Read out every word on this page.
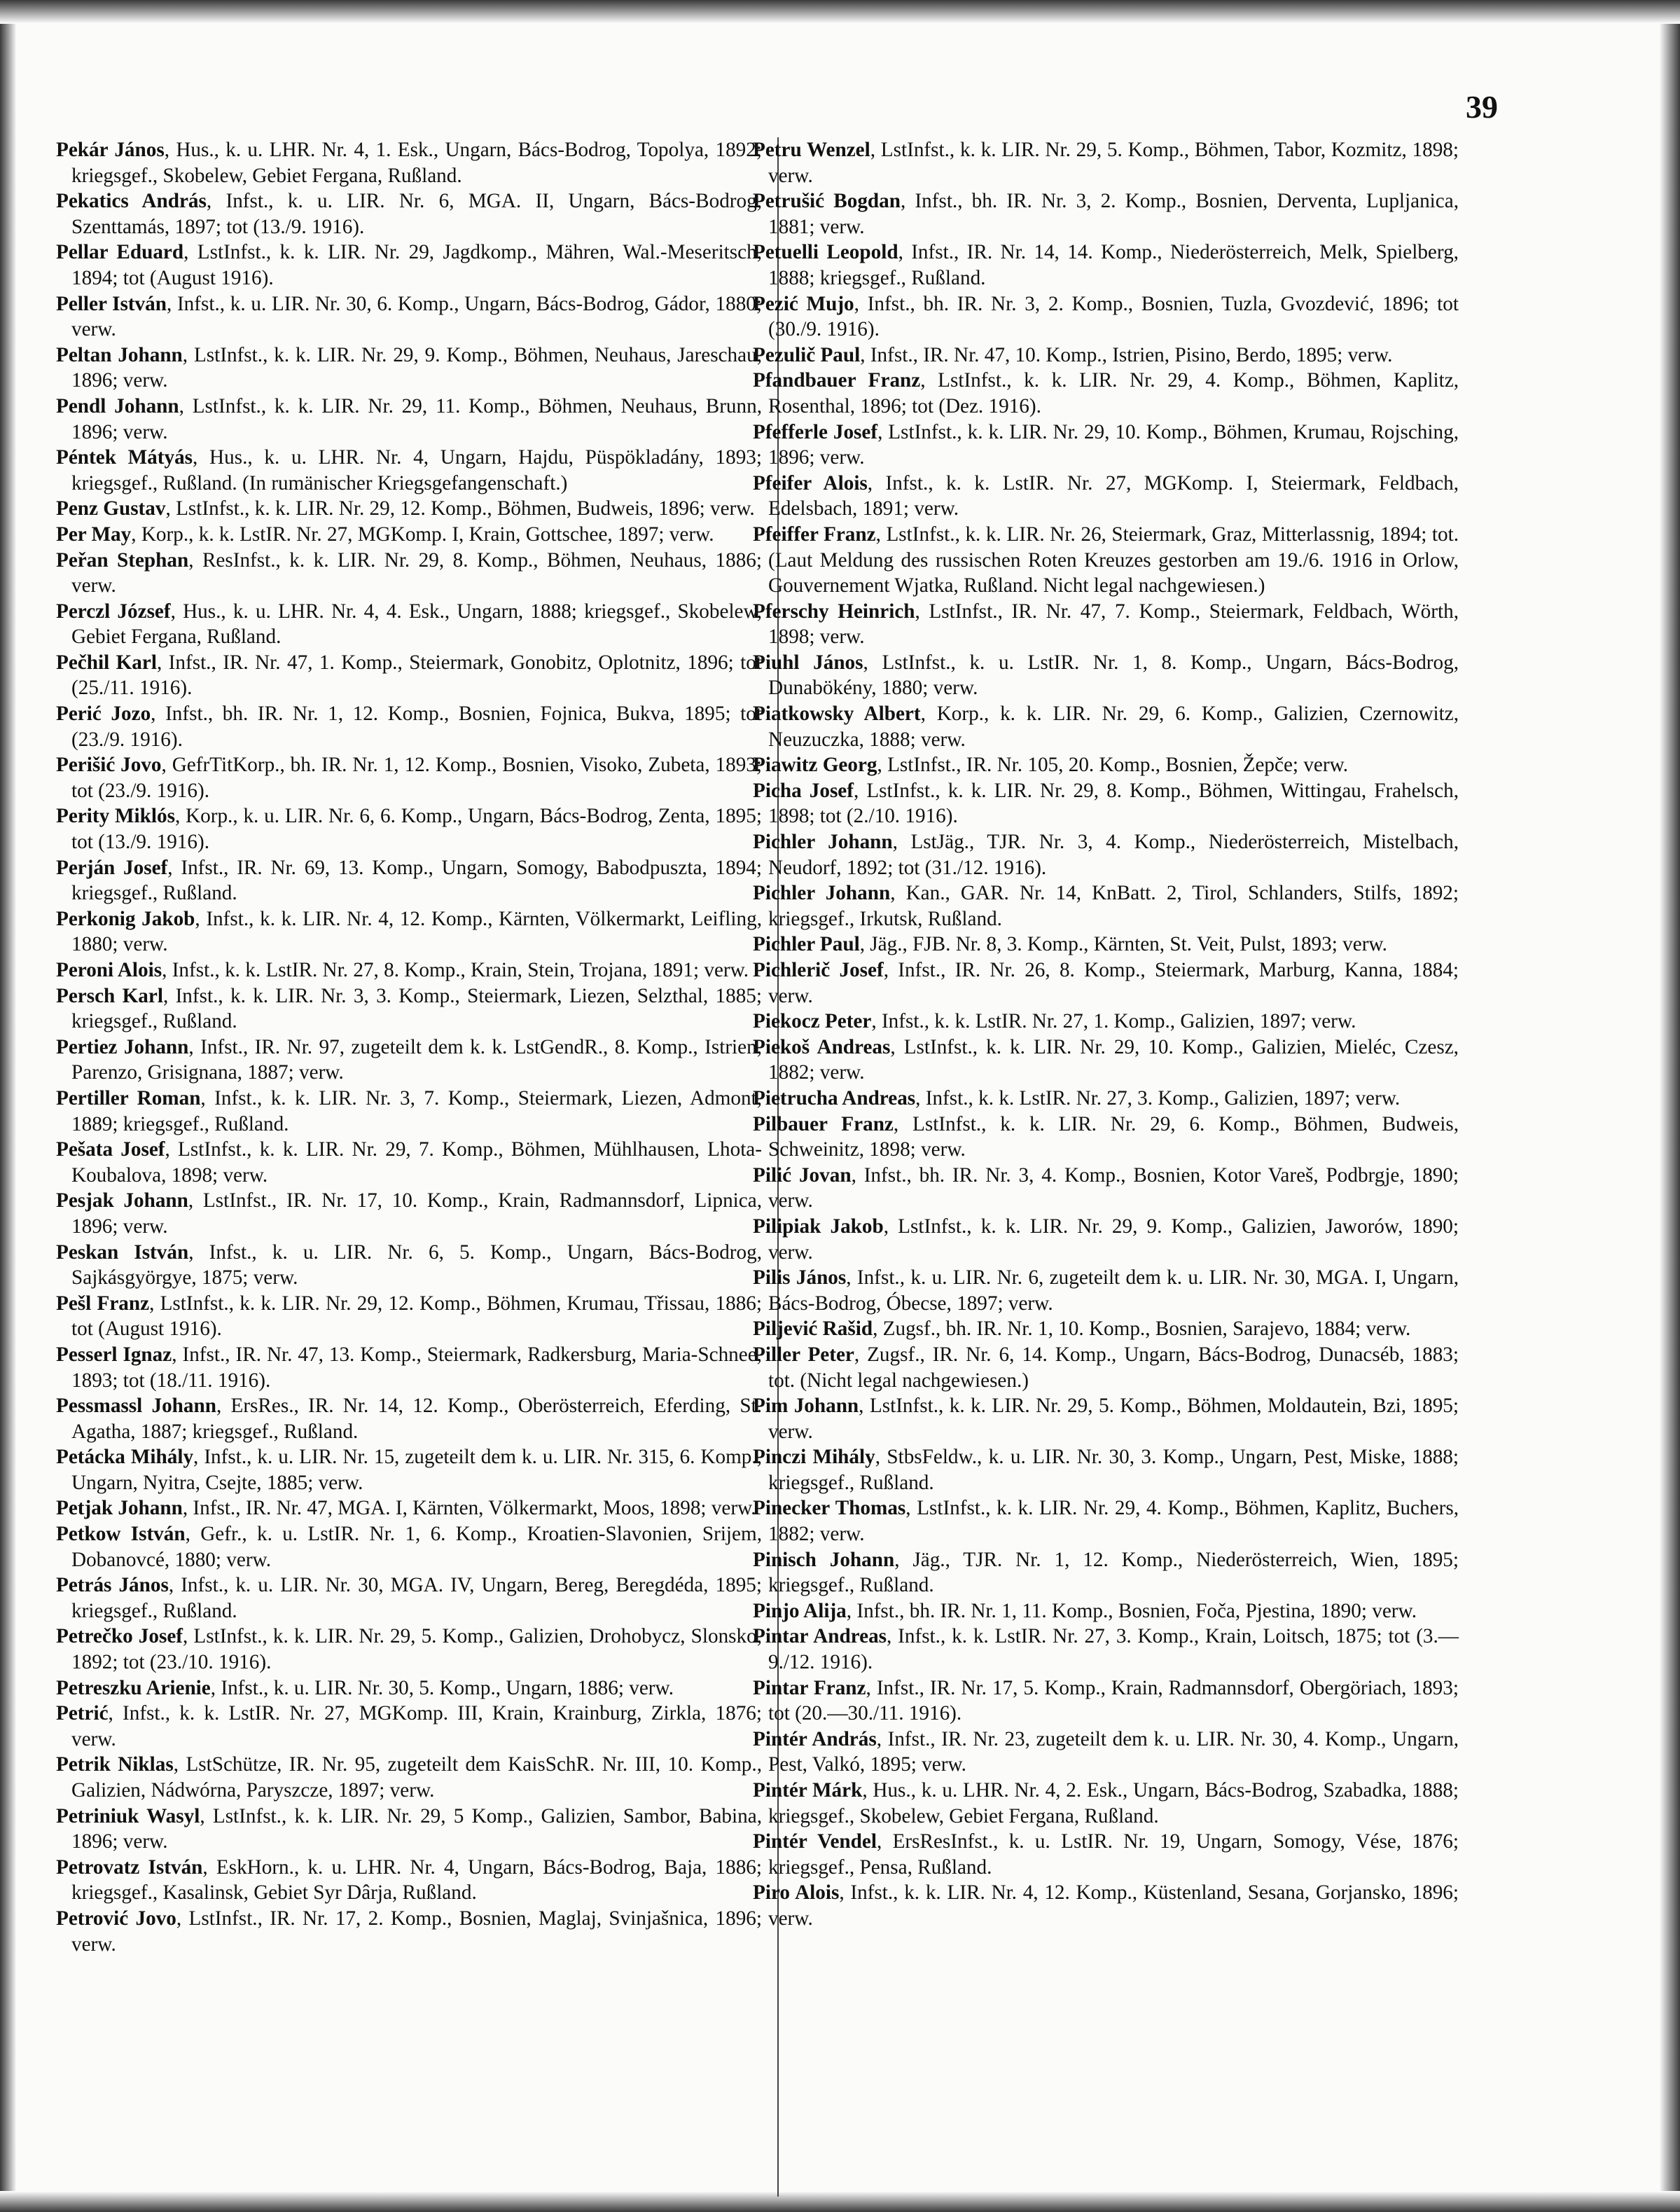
39
Pekár János, Hus., k. u. LHR. Nr. 4, 1. Esk., Ungarn, Bács-Bodrog, Topolya, 1892; kriegsgef., Skobelew, Gebiet Fergana, Rußland.
Pekatics András, Infst., k. u. LIR. Nr. 6, MGA. II, Ungarn, Bács-Bodrog, Szenttamás, 1897; tot (13./9. 1916).
Pellar Eduard, LstInfst., k. k. LIR. Nr. 29, Jagdkomp., Mähren, Wal.-Meseritsch, 1894; tot (August 1916).
Peller István, Infst., k. u. LIR. Nr. 30, 6. Komp., Ungarn, Bács-Bodrog, Gádor, 1880; verw.
Peltan Johann, LstInfst., k. k. LIR. Nr. 29, 9. Komp., Böhmen, Neuhaus, Jareschau, 1896; verw.
Pendl Johann, LstInfst., k. k. LIR. Nr. 29, 11. Komp., Böhmen, Neuhaus, Brunn, 1896; verw.
Péntek Mátyás, Hus., k. u. LHR. Nr. 4, Ungarn, Hajdu, Püspökladány, 1893; kriegsgef., Rußland. (In rumänischer Kriegsgefangenschaft.)
Penz Gustav, LstInfst., k. k. LIR. Nr. 29, 12. Komp., Böhmen, Budweis, 1896; verw.
Per May, Korp., k. k. LstIR. Nr. 27, MGKomp. I, Krain, Gottschee, 1897; verw.
Peřan Stephan, ResInfst., k. k. LIR. Nr. 29, 8. Komp., Böhmen, Neuhaus, 1886; verw.
Perczl József, Hus., k. u. LHR. Nr. 4, 4. Esk., Ungarn, 1888; kriegsgef., Skobelew, Gebiet Fergana, Rußland.
Pečhil Karl, Infst., IR. Nr. 47, 1. Komp., Steiermark, Gonobitz, Oplotnitz, 1896; tot (25./11. 1916).
Perić Jozo, Infst., bh. IR. Nr. 1, 12. Komp., Bosnien, Fojnica, Bukva, 1895; tot (23./9. 1916).
Perišić Jovo, GefrTitKorp., bh. IR. Nr. 1, 12. Komp., Bosnien, Visoko, Zubeta, 1893; tot (23./9. 1916).
Perity Miklós, Korp., k. u. LIR. Nr. 6, 6. Komp., Ungarn, Bács-Bodrog, Zenta, 1895; tot (13./9. 1916).
Perján Josef, Infst., IR. Nr. 69, 13. Komp., Ungarn, Somogy, Babodpuszta, 1894; kriegsgef., Rußland.
Perkonig Jakob, Infst., k. k. LIR. Nr. 4, 12. Komp., Kärnten, Völkermarkt, Leifling, 1880; verw.
Peroni Alois, Infst., k. k. LstIR. Nr. 27, 8. Komp., Krain, Stein, Trojana, 1891; verw.
Persch Karl, Infst., k. k. LIR. Nr. 3, 3. Komp., Steiermark, Liezen, Selzthal, 1885; kriegsgef., Rußland.
Pertiez Johann, Infst., IR. Nr. 97, zugeteilt dem k. k. LstGendR., 8. Komp., Istrien, Parenzo, Grisignana, 1887; verw.
Pertiller Roman, Infst., k. k. LIR. Nr. 3, 7. Komp., Steiermark, Liezen, Admont, 1889; kriegsgef., Rußland.
Pešata Josef, LstInfst., k. k. LIR. Nr. 29, 7. Komp., Böhmen, Mühlhausen, Lhota-Koubalova, 1898; verw.
Pesjak Johann, LstInfst., IR. Nr. 17, 10. Komp., Krain, Radmannsdorf, Lipnica, 1896; verw.
Peskan István, Infst., k. u. LIR. Nr. 6, 5. Komp., Ungarn, Bács-Bodrog, Sajkásgyörgye, 1875; verw.
Pešl Franz, LstInfst., k. k. LIR. Nr. 29, 12. Komp., Böhmen, Krumau, Třissau, 1886; tot (August 1916).
Pesserl Ignaz, Infst., IR. Nr. 47, 13. Komp., Steiermark, Radkersburg, Maria-Schnee, 1893; tot (18./11. 1916).
Pessmassl Johann, ErsRes., IR. Nr. 14, 12. Komp., Oberösterreich, Eferding, St. Agatha, 1887; kriegsgef., Rußland.
Petácka Mihály, Infst., k. u. LIR. Nr. 15, zugeteilt dem k. u. LIR. Nr. 315, 6. Komp., Ungarn, Nyitra, Csejte, 1885; verw.
Petjak Johann, Infst., IR. Nr. 47, MGA. I, Kärnten, Völkermarkt, Moos, 1898; verw.
Petkow István, Gefr., k. u. LstIR. Nr. 1, 6. Komp., Kroatien-Slavonien, Srijem, Dobanovcé, 1880; verw.
Petrás János, Infst., k. u. LIR. Nr. 30, MGA. IV, Ungarn, Bereg, Beregdéda, 1895; kriegsgef., Rußland.
Petrečko Josef, LstInfst., k. k. LIR. Nr. 29, 5. Komp., Galizien, Drohobycz, Slonsko, 1892; tot (23./10. 1916).
Petreszku Arienie, Infst., k. u. LIR. Nr. 30, 5. Komp., Ungarn, 1886; verw.
Petrić, Infst., k. k. LstIR. Nr. 27, MGKomp. III, Krain, Krainburg, Zirkla, 1876; verw.
Petrik Niklas, LstSchütze, IR. Nr. 95, zugeteilt dem KaisSchR. Nr. III, 10. Komp., Galizien, Nádwórna, Paryszcze, 1897; verw.
Petriniuk Wasyl, LstInfst., k. k. LIR. Nr. 29, 5 Komp., Galizien, Sambor, Babina, 1896; verw.
Petrovatz István, EskHorn., k. u. LHR. Nr. 4, Ungarn, Bács-Bodrog, Baja, 1886; kriegsgef., Kasalinsk, Gebiet Syr Dârja, Rußland.
Petrović Jovo, LstInfst., IR. Nr. 17, 2. Komp., Bosnien, Maglaj, Svinjašnica, 1896; verw.
Petru Wenzel, LstInfst., k. k. LIR. Nr. 29, 5. Komp., Böhmen, Tabor, Kozmitz, 1898; verw.
Petrušić Bogdan, Infst., bh. IR. Nr. 3, 2. Komp., Bosnien, Derventa, Lupljanica, 1881; verw.
Petuelli Leopold, Infst., IR. Nr. 14, 14. Komp., Niederösterreich, Melk, Spielberg, 1888; kriegsgef., Rußland.
Pezić Mujo, Infst., bh. IR. Nr. 3, 2. Komp., Bosnien, Tuzla, Gvozdević, 1896; tot (30./9. 1916).
Pezulič Paul, Infst., IR. Nr. 47, 10. Komp., Istrien, Pisino, Berdo, 1895; verw.
Pfandbauer Franz, LstInfst., k. k. LIR. Nr. 29, 4. Komp., Böhmen, Kaplitz, Rosenthal, 1896; tot (Dez. 1916).
Pfefferle Josef, LstInfst., k. k. LIR. Nr. 29, 10. Komp., Böhmen, Krumau, Rojsching, 1896; verw.
Pfeifer Alois, Infst., k. k. LstIR. Nr. 27, MGKomp. I, Steiermark, Feldbach, Edelsbach, 1891; verw.
Pfeiffer Franz, LstInfst., k. k. LIR. Nr. 26, Steiermark, Graz, Mitterlassnig, 1894; tot. (Laut Meldung des russischen Roten Kreuzes gestorben am 19./6. 1916 in Orlow, Gouvernement Wjatka, Rußland. Nicht legal nachgewiesen.)
Pferschy Heinrich, LstInfst., IR. Nr. 47, 7. Komp., Steiermark, Feldbach, Wörth, 1898; verw.
Piuhl János, LstInfst., k. u. LstIR. Nr. 1, 8. Komp., Ungarn, Bács-Bodrog, Dunabökény, 1880; verw.
Piatkowsky Albert, Korp., k. k. LIR. Nr. 29, 6. Komp., Galizien, Czernowitz, Neuzuczka, 1888; verw.
Piawitz Georg, LstInfst., IR. Nr. 105, 20. Komp., Bosnien, Žepče; verw.
Picha Josef, LstInfst., k. k. LIR. Nr. 29, 8. Komp., Böhmen, Wittingau, Frahelsch, 1898; tot (2./10. 1916).
Pichler Johann, LstJäg., TJR. Nr. 3, 4. Komp., Niederösterreich, Mistelbach, Neudorf, 1892; tot (31./12. 1916).
Pichler Johann, Kan., GAR. Nr. 14, KnBatt. 2, Tirol, Schlanders, Stilfs, 1892; kriegsgef., Irkutsk, Rußland.
Pichler Paul, Jäg., FJB. Nr. 8, 3. Komp., Kärnten, St. Veit, Pulst, 1893; verw.
Pichlerič Josef, Infst., IR. Nr. 26, 8. Komp., Steiermark, Marburg, Kanna, 1884; verw.
Piekocz Peter, Infst., k. k. LstIR. Nr. 27, 1. Komp., Galizien, 1897; verw.
Piekoš Andreas, LstInfst., k. k. LIR. Nr. 29, 10. Komp., Galizien, Mieléc, Czesz, 1882; verw.
Pietrucha Andreas, Infst., k. k. LstIR. Nr. 27, 3. Komp., Galizien, 1897; verw.
Pilbauer Franz, LstInfst., k. k. LIR. Nr. 29, 6. Komp., Böhmen, Budweis, Schweinitz, 1898; verw.
Pilić Jovan, Infst., bh. IR. Nr. 3, 4. Komp., Bosnien, Kotor Vareš, Podbrgje, 1890; verw.
Pilipiak Jakob, LstInfst., k. k. LIR. Nr. 29, 9. Komp., Galizien, Jaworów, 1890; verw.
Pilis János, Infst., k. u. LIR. Nr. 6, zugeteilt dem k. u. LIR. Nr. 30, MGA. I, Ungarn, Bács-Bodrog, Óbecse, 1897; verw.
Piljević Rašid, Zugsf., bh. IR. Nr. 1, 10. Komp., Bosnien, Sarajevo, 1884; verw.
Piller Peter, Zugsf., IR. Nr. 6, 14. Komp., Ungarn, Bács-Bodrog, Dunacséb, 1883; tot. (Nicht legal nachgewiesen.)
Pim Johann, LstInfst., k. k. LIR. Nr. 29, 5. Komp., Böhmen, Moldautein, Bzi, 1895; verw.
Pinczi Mihály, StbsFeldw., k. u. LIR. Nr. 30, 3. Komp., Ungarn, Pest, Miske, 1888; kriegsgef., Rußland.
Pinecker Thomas, LstInfst., k. k. LIR. Nr. 29, 4. Komp., Böhmen, Kaplitz, Buchers, 1882; verw.
Pinisch Johann, Jäg., TJR. Nr. 1, 12. Komp., Niederösterreich, Wien, 1895; kriegsgef., Rußland.
Pinjo Alija, Infst., bh. IR. Nr. 1, 11. Komp., Bosnien, Foča, Pjestina, 1890; verw.
Pintar Andreas, Infst., k. k. LstIR. Nr. 27, 3. Komp., Krain, Loitsch, 1875; tot (3.—9./12. 1916).
Pintar Franz, Infst., IR. Nr. 17, 5. Komp., Krain, Radmannsdorf, Obergöriach, 1893; tot (20.—30./11. 1916).
Pintér András, Infst., IR. Nr. 23, zugeteilt dem k. u. LIR. Nr. 30, 4. Komp., Ungarn, Pest, Valkó, 1895; verw.
Pintér Márk, Hus., k. u. LHR. Nr. 4, 2. Esk., Ungarn, Bács-Bodrog, Szabadka, 1888; kriegsgef., Skobelew, Gebiet Fergana, Rußland.
Pintér Vendel, ErsResInfst., k. u. LstIR. Nr. 19, Ungarn, Somogy, Vése, 1876; kriegsgef., Pensa, Rußland.
Piro Alois, Infst., k. k. LIR. Nr. 4, 12. Komp., Küstenland, Sesana, Gorjansko, 1896; verw.
